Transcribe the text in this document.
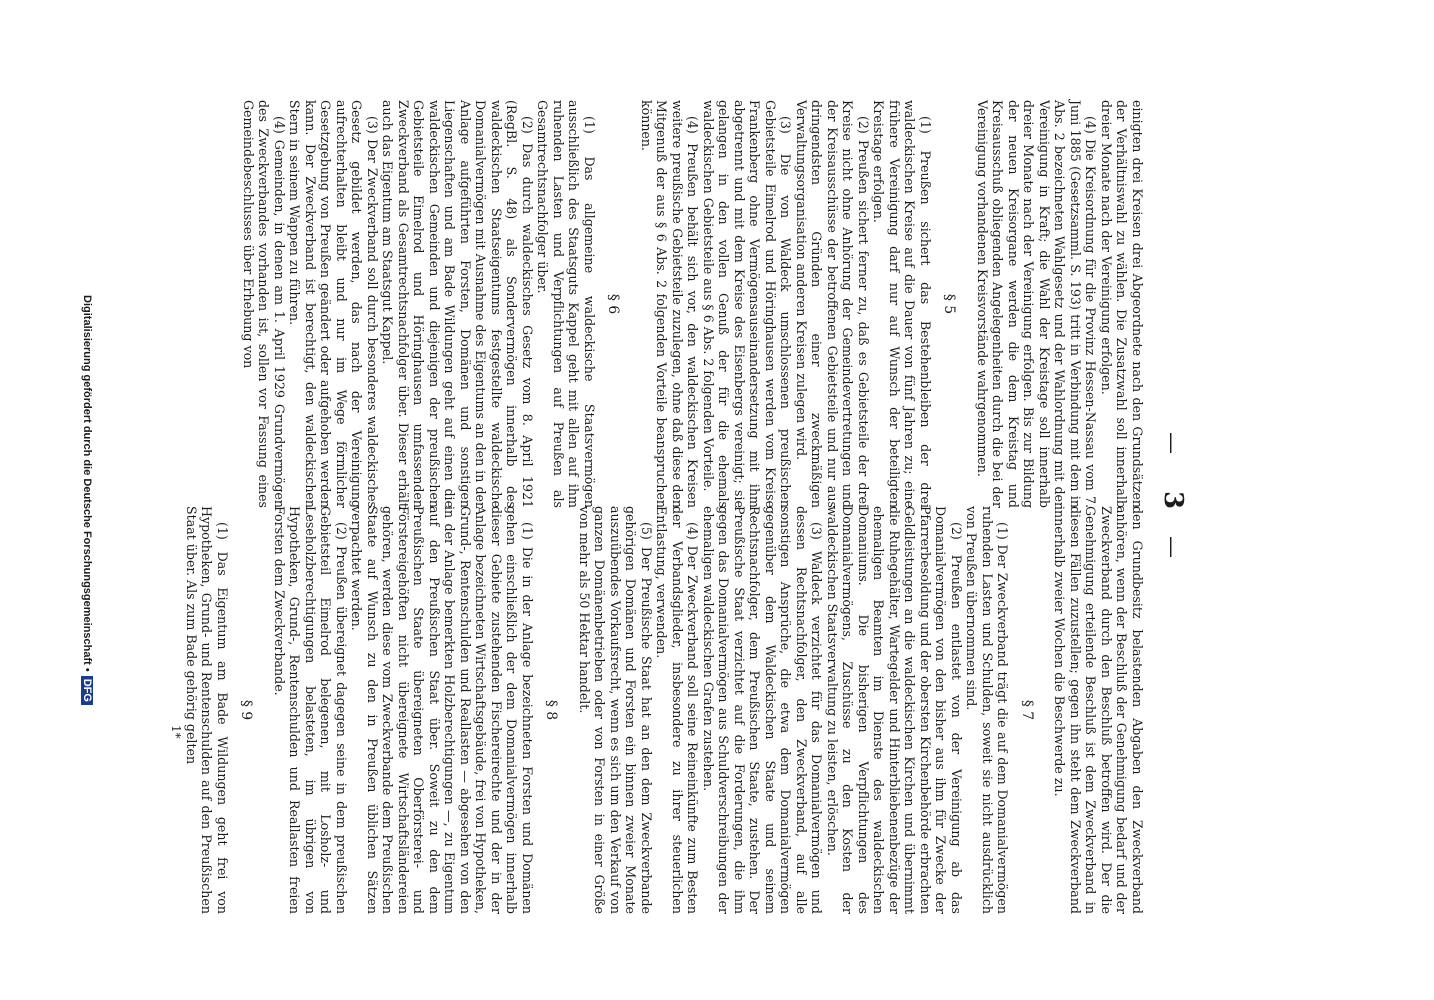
— 3 —

einigten drei Kreisen drei Abgeordnete nach den Grundsätzen der Verhältniswahl zu wählen. Die Zusatzwahl soll innerhalb dreier Monate nach der Vereinigung erfolgen.

(4) Die Kreisordnung für die Provinz Hessen-Nassau vom 7. Juni 1885 (Gesetzsamml. S. 193) tritt in Verbindung mit dem in Abs. 2 bezeichneten Wahlgesetz und der Wahlordnung mit der Vereinigung in Kraft; die Wahl der Kreistage soll innerhalb dreier Monate nach der Vereinigung erfolgen. Bis zur Bildung der neuen Kreisorgane werden die dem Kreistag und Kreisausschuß obliegenden Angelegenheiten durch die bei der Vereinigung vorhandenen Kreisvorstände wahrgenommen.

§ 5

(1) Preußen sichert das Bestehenbleiben der drei waldeckischen Kreise auf die Dauer von fünf Jahren zu; eine frühere Vereinigung darf nur auf Wunsch der beteiligten Kreistage erfolgen.

(2) Preußen sichert ferner zu, daß es Gebietsteile der drei Kreise nicht ohne Anhörung der Gemeindevertretungen und der Kreisausschüsse der betroffenen Gebietsteile und nur aus dringendsten Gründen einer zweckmäßigen Verwaltungsorganisation anderen Kreisen zulegen wird.

(3) Die von Waldeck umschlossenen preußischen Gebietsteile Eimelrod und Höringhausen werden vom Kreise Frankenberg ohne Vermögensauseinandersetzung mit ihm abgetrennt und mit dem Kreise des Eisenbergs vereinigt; sie gelangen in den vollen Genuß der für die ehemals waldeckischen Gebietsteile aus § 6 Abs. 2 folgenden Vorteile.

(4) Preußen behält sich vor, den waldeckischen Kreisen weitere preußische Gebietsteile zuzulegen, ohne daß diese den Mitgenuß der aus § 6 Abs. 2 folgenden Vorteile beanspruchen können.

§ 6

(1) Das allgemeine waldeckische Staatsvermögen ausschließlich des Staatsguts Kappel geht mit allen auf ihm ruhenden Lasten und Verpflichtungen auf Preußen als Gesamtrechtsnachfolger über.

(2) Das durch waldeckisches Gesetz vom 8. April 1921 (RegBl. S. 48) als Sondervermögen innerhalb des waldeckischen Staatseigentums festgestellte waldeckische Domanialvermögen mit Ausnahme des Eigentums an den in der Anlage aufgeführten Forsten, Domänen und sonstigen Liegenschaften und am Bade Wildungen geht auf einen die waldeckischen Gemeinden und diejenigen der preußischen Gebietsteile Eimelrod und Höringhausen umfassenden Zweckverband als Gesamtrechtsnachfolger über. Dieser erhält auch das Eigentum am Staatsgut Kappel.

(3) Der Zweckverband soll durch besonderes waldeckisches Gesetz gebildet werden, das nach der Vereinigung aufrechterhalten bleibt und nur im Wege förmlicher Gesetzgebung von Preußen geändert oder aufgehoben werden kann. Der Zweckverband ist berechtigt, den waldeckischen Stern in seinem Wappen zu führen.

(4) Gemeinden, in denen am 1. April 1929 Grundvermögen des Zweckverbandes vorhanden ist, sollen vor Fassung eines Gemeindebeschlusses über Erhebung von

den Grundbesitz belastenden Abgaben den Zweckverband anhören, wenn der Beschluß der Genehmigung bedarf und der Zweckverband durch den Beschluß betroffen wird. Der die Genehmigung erteilende Beschluß ist dem Zweckverband in diesen Fällen zuzustellen; gegen ihn steht dem Zweckverband innerhalb zweier Wochen die Beschwerde zu.

§ 7

(1) Der Zweckverband trägt die auf dem Domanialvermögen ruhenden Lasten und Schulden, soweit sie nicht ausdrücklich von Preußen übernommen sind.

(2) Preußen entlastet von der Vereinigung ab das Domanialvermögen von den bisher aus ihm für Zwecke der Pfarrerbesoldung und der obersten Kirchenbehörde erbrachten Geldleistungen an die waldeckischen Kirchen und übernimmt die Ruhegehälter, Wartegelder und Hinterbliebenenbezüge der ehemaligen Beamten im Dienste des waldeckischen Domaniums. Die bisherigen Verpflichtungen des Domanialvermögens, Zuschüsse zu den Kosten der waldeckischen Staatsverwaltung zu leisten, erlöschen.

(3) Waldeck verzichtet für das Domanialvermögen und dessen Rechtsnachfolger, den Zweckverband, auf alle sonstigen Ansprüche, die etwa dem Domanialvermögen gegenüber dem Waldeckischen Staate und seinem Rechtsnachfolger, dem Preußischen Staate, zustehen. Der Preußische Staat verzichtet auf die Forderungen, die ihm gegen das Domanialvermögen aus Schuldverschreibungen der ehemaligen waldeckischen Grafen zustehen.

(4) Der Zweckverband soll seine Reineinkünfte zum Besten der Verbandsglieder, insbesondere zu ihrer steuerlichen Entlastung, verwenden.

(5) Der Preußische Staat hat an den dem Zweckverbande gehörigen Domänen und Forsten ein binnen zweier Monate auszuübendes Vorkaufsrecht, wenn es sich um den Verkauf von ganzen Domänenbetrieben oder von Forsten in einer Größe von mehr als 50 Hektar handelt.

§ 8

(1) Die in der Anlage bezeichneten Forsten und Domänen gehen einschließlich der dem Domanialvermögen innerhalb dieser Gebiete zustehenden Fischereirechte und der in der Anlage bezeichneten Wirtschaftsgebäude, frei von Hypotheken, Grund-, Rentenschulden und Reallasten — abgesehen von den in der Anlage bemerkten Holzberechtigungen —, zu Eigentum auf den Preußischen Staat über. Soweit zu den dem Preußischen Staate übereigneten Oberförsterei- und Förstereigehöften nicht übereignete Wirtschaftsländereien gehören, werden diese vom Zweckverbande dem Preußischen Staate auf Wunsch zu den in Preußen üblichen Sätzen verpachtet werden.

(2) Preußen übereignet dagegen seine in dem preußischen Gebietsteil Eimelrod belegenen, mit Losholz- und Leseholzberechtigungen belasteten, im übrigen von Hypotheken, Grund-, Rentenschulden und Reallasten freien Forsten dem Zweckverbande.

§ 9

(1) Das Eigentum am Bade Wildungen geht frei von Hypotheken, Grund- und Rentenschulden auf den Preußischen Staat über. Als zum Bade gehörig gelten

1*
Digitalisierung gefördert durch die Deutsche Forschungsgemeinschaft •DFG
